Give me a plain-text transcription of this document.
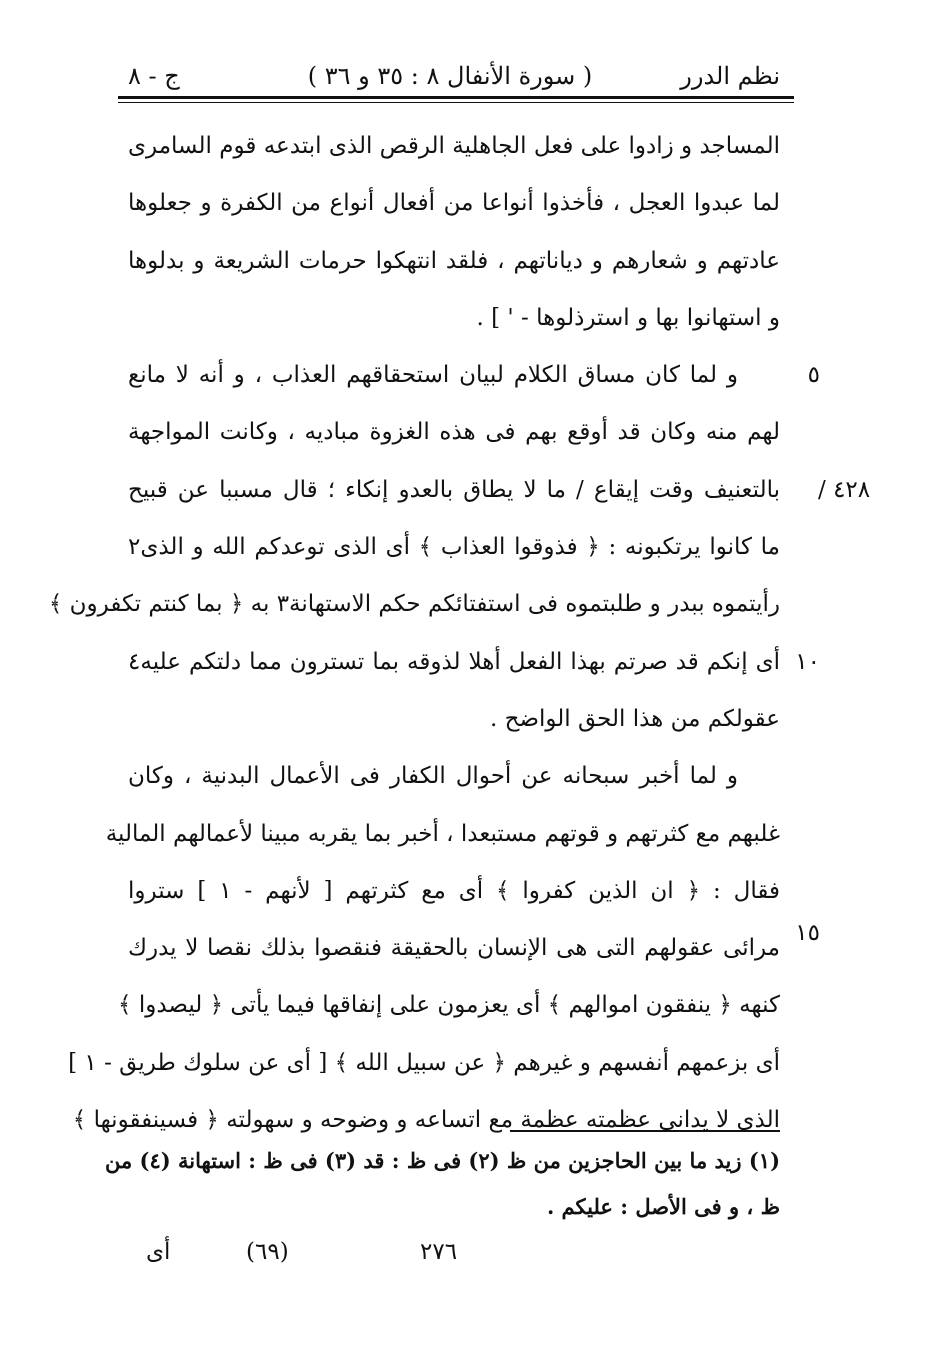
نظم الدرر
( سورة الأنفال ٨ : ٣٥ و ٣٦ )
ج - ٨
المساجد و زادوا على فعل الجاهلية الرقص الذى ابتدعه قوم السامرى
لما عبدوا العجل ، فأخذوا أنواعا من أفعال أنواع من الكفرة و جعلوها
عادتهم و شعارهم و دياناتهم ، فلقد انتهكوا حرمات الشريعة و بدلوها
و استهانوا بها و استرذلوها - ' ] .
و لما كان مساق الكلام لبيان استحقاقهم العذاب ، و أنه لا مانع
لهم منه وكان قد أوقع بهم فى هذه الغزوة مباديه ، وكانت المواجهة
بالتعنيف وقت إيقاع / ما لا يطاق بالعدو إنكاء ؛ قال مسببا عن قبيح
ما كانوا يرتكبونه : ﴿ فذوقوا العذاب ﴾ أى الذى توعدكم الله و الذى٢
رأيتموه ببدر و طلبتموه فى استفتائكم حكم الاستهانة٣ به ﴿ بما كنتم تكفرون ﴾
أى إنكم قد صرتم بهذا الفعل أهلا لذوقه بما تسترون مما دلتكم عليه٤
عقولكم من هذا الحق الواضح .
و لما أخبر سبحانه عن أحوال الكفار فى الأعمال البدنية ، وكان
غلبهم مع كثرتهم و قوتهم مستبعدا ، أخبر بما يقربه مبينا لأعمالهم المالية
فقال : ﴿ ان الذين كفروا ﴾ أى مع كثرتهم [ لأنهم - ١ ] ستروا
مرائى عقولهم التى هى الإنسان بالحقيقة فنقصوا بذلك نقصا لا يدرك
كنهه ﴿ ينفقون اموالهم ﴾ أى يعزمون على إنفاقها فيما يأتى ﴿ ليصدوا ﴾
أى بزعمهم أنفسهم و غيرهم ﴿ عن سبيل الله ﴾ [ أى عن سلوك طريق - ١ ]
الذى لا يدانى عظمته عظمة مع اتساعه و وضوحه و سهولته ﴿ فسينفقونها ﴾
٥
١٠
١٥
٤٢٨ /
(١) زيد ما بين الحاجزين من ظ (٢) فى ظ : قد (٣) فى ظ : استهانة (٤) من
ظ ، و فى الأصل : عليكم .
أى	(٦٩)	٢٧٦
